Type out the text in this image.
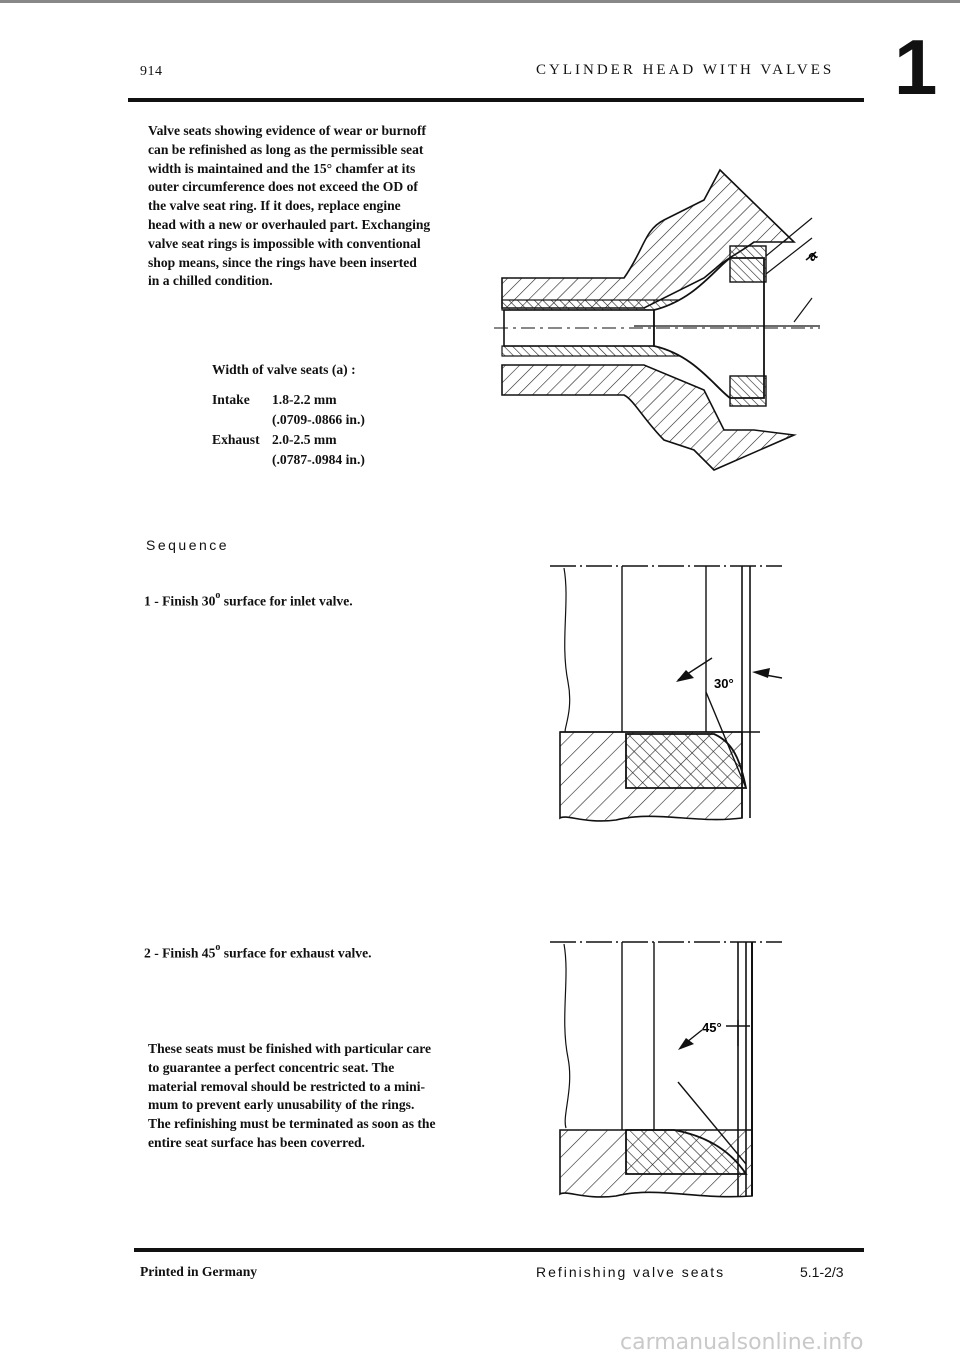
914	CYLINDER HEAD WITH VALVES 1
Valve seats showing evidence of wear or burnoff
can be refinished as long as the permissible seat
width is maintained and the 15° chamfer at its
outer circumference does not exceed the OD of
the valve seat ring. If it does, replace engine
head with a new or overhauled part. Exchanging
valve seat rings is impossible with conventional
shop means, since the rings have been inserted
in a chilled condition.
Width of valve seats (a) :
Intake	1.8-2.2 mm
(.0709-.0866 in.)
Exhaust 2.0-2.5 mm
(.0787-.0984 in.)
Sequence
1 - Finish 30$^o$ surface for inlet valve.
2 - Finish 45$^o$ surface for exhaust valve.
These seats must be finished with particular care
to guarantee a perfect concentric seat. The
material removal should be restricted to a mini-
mum to prevent early unusability of the rings.
The refinishing must be terminated as soon as the
entire seat surface has been coverred.
a
30°
45°
Printed in Germany	Refinishing valve seats	5.1-2/3
carmanualsonline.info
